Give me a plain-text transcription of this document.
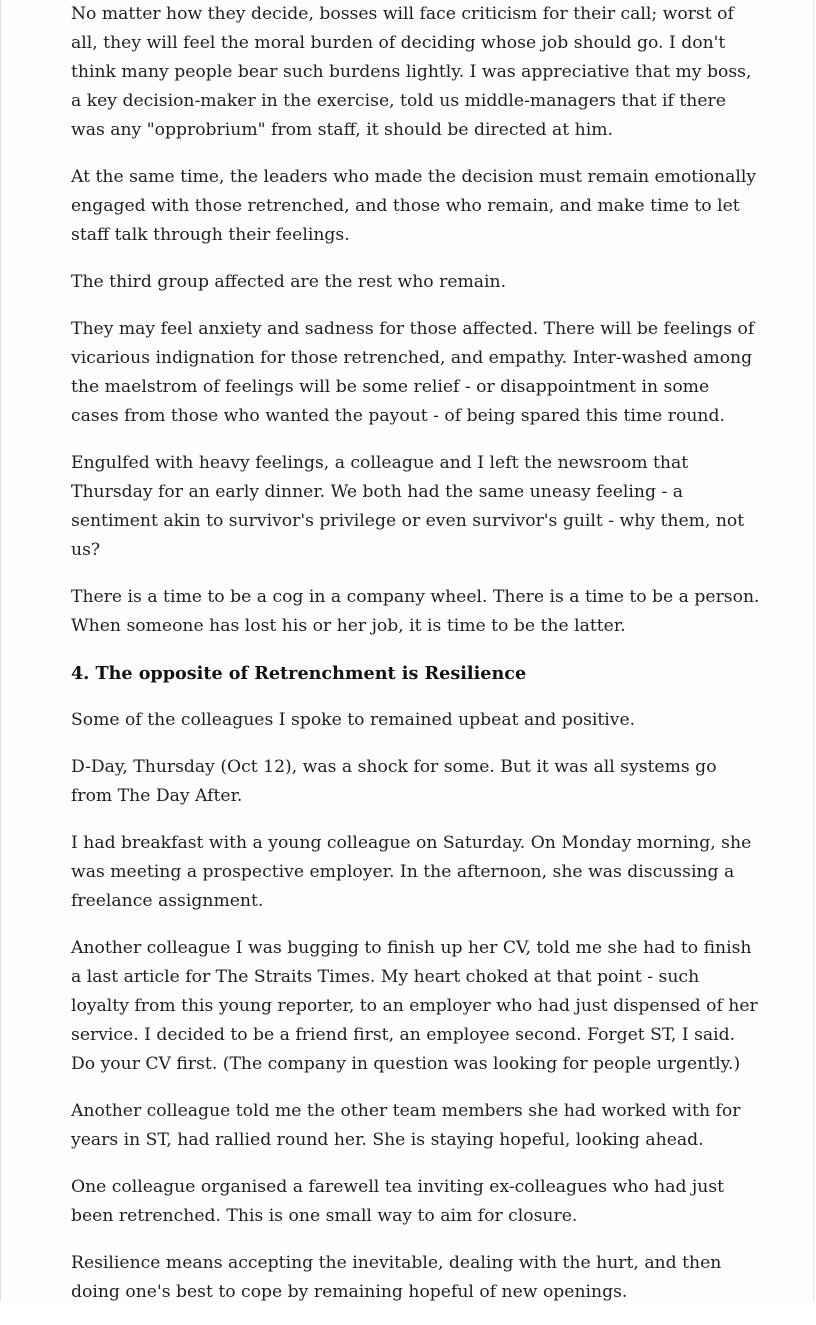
No matter how they decide, bosses will face criticism for their call; worst of all, they will feel the moral burden of deciding whose job should go. I don't think many people bear such burdens lightly. I was appreciative that my boss, a key decision-maker in the exercise, told us middle-managers that if there was any "opprobrium" from staff, it should be directed at him.

At the same time, the leaders who made the decision must remain emotionally engaged with those retrenched, and those who remain, and make time to let staff talk through their feelings.

The third group affected are the rest who remain.

They may feel anxiety and sadness for those affected. There will be feelings of vicarious indignation for those retrenched, and empathy. Inter-washed among the maelstrom of feelings will be some relief - or disappointment in some cases from those who wanted the payout - of being spared this time round.

Engulfed with heavy feelings, a colleague and I left the newsroom that Thursday for an early dinner. We both had the same uneasy feeling - a sentiment akin to survivor's privilege or even survivor's guilt - why them, not us?

There is a time to be a cog in a company wheel. There is a time to be a person. When someone has lost his or her job, it is time to be the latter.

4. The opposite of Retrenchment is Resilience

Some of the colleagues I spoke to remained upbeat and positive.

D-Day, Thursday (Oct 12), was a shock for some. But it was all systems go from The Day After.

I had breakfast with a young colleague on Saturday. On Monday morning, she was meeting a prospective employer. In the afternoon, she was discussing a freelance assignment.

Another colleague I was bugging to finish up her CV, told me she had to finish a last article for The Straits Times. My heart choked at that point - such loyalty from this young reporter, to an employer who had just dispensed of her service. I decided to be a friend first, an employee second. Forget ST, I said. Do your CV first. (The company in question was looking for people urgently.)

Another colleague told me the other team members she had worked with for years in ST, had rallied round her. She is staying hopeful, looking ahead.

One colleague organised a farewell tea inviting ex-colleagues who had just been retrenched. This is one small way to aim for closure.

Resilience means accepting the inevitable, dealing with the hurt, and then doing one's best to cope by remaining hopeful of new openings.
